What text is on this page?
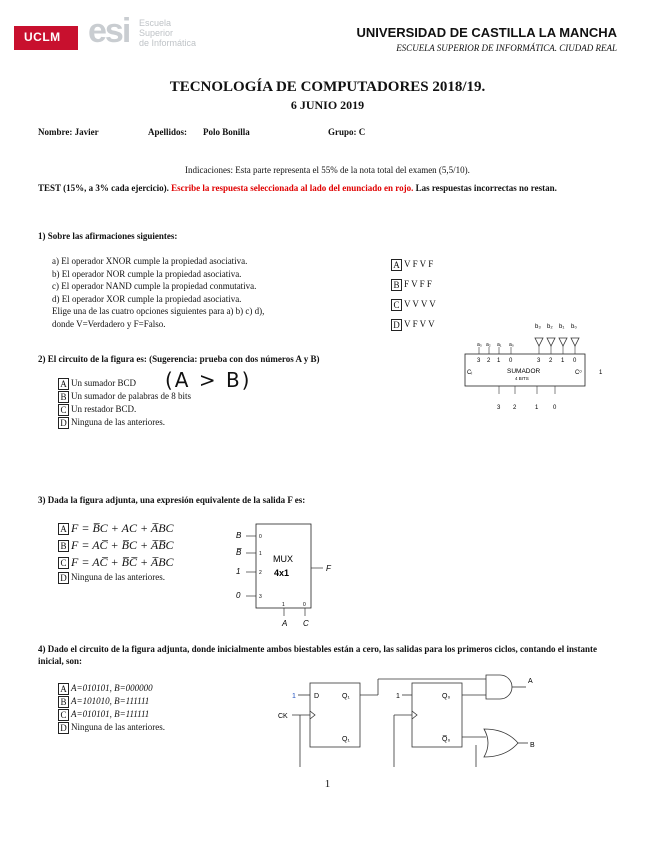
UCLM esi Escuela
Superior
de Informática
UNIVERSIDAD DE CASTILLA LA MANCHA
ESCUELA SUPERIOR DE INFORMÁTICA. CIUDAD REAL
TECNOLOGÍA DE COMPUTADORES 2018/19.
6 JUNIO 2019
Nombre: Javier	Apellidos: Polo Bonilla	Grupo: C
Indicaciones: Esta parte representa el 55% de la nota total del examen (5,5/10).
TEST (15%, a 3% cada ejercicio). Escribe la respuesta seleccionada al lado del enunciado en rojo. Las respuestas incorrectas no restan.
1) Sobre las afirmaciones siguientes:
a) El operador XNOR cumple la propiedad asociativa.
b) El operador NOR cumple la propiedad asociativa.
c) El operador NAND cumple la propiedad conmutativa.
d) El operador XOR cumple la propiedad asociativa.
Elige una de las cuatro opciones siguientes para a) b) c) d),
donde V=Verdadero y F=Falso.
A V F V F
B F V F F
C V V V V
D V F V V
2) El circuito de la figura es: (Sugerencia: prueba con dos números A y B)
(A > B)
A Un sumador BCD
B Un sumador de palabras de 8 bits
C Un restador BCD.
D Ninguna de las anteriores.
b₃ b₂ b₁ b₀
a₃ a₂ a₁ a₀
3 2 1 0	3 2 1 0
SUMADOR
4 BITS
Cᵢ	Cᵒ	1
3 2	1 0
3) Dada la figura adjunta, una expresión equivalente de la salida F es:
A F = B̅C + AC + A̅BC
B F = AC̅ + B̅C + A̅B̅C
C F = AC̅ + B̅C̅ + A̅BC
D Ninguna de las anteriores.
B
B̅
1
0
0
1
2
3
MUX
4x1
1	0
A C
F
4) Dado el circuito de la figura adjunta, donde inicialmente ambos biestables están a cero, las salidas para los primeros ciclos, contando el instante inicial, son:
A A=010101, B=000000
B A=101010, B=111111
C A=010101, B=111111
D Ninguna de las anteriores.
D	Q₁
Q₁
1	1
CK
Q₀
Q̅₀
A
B
1
